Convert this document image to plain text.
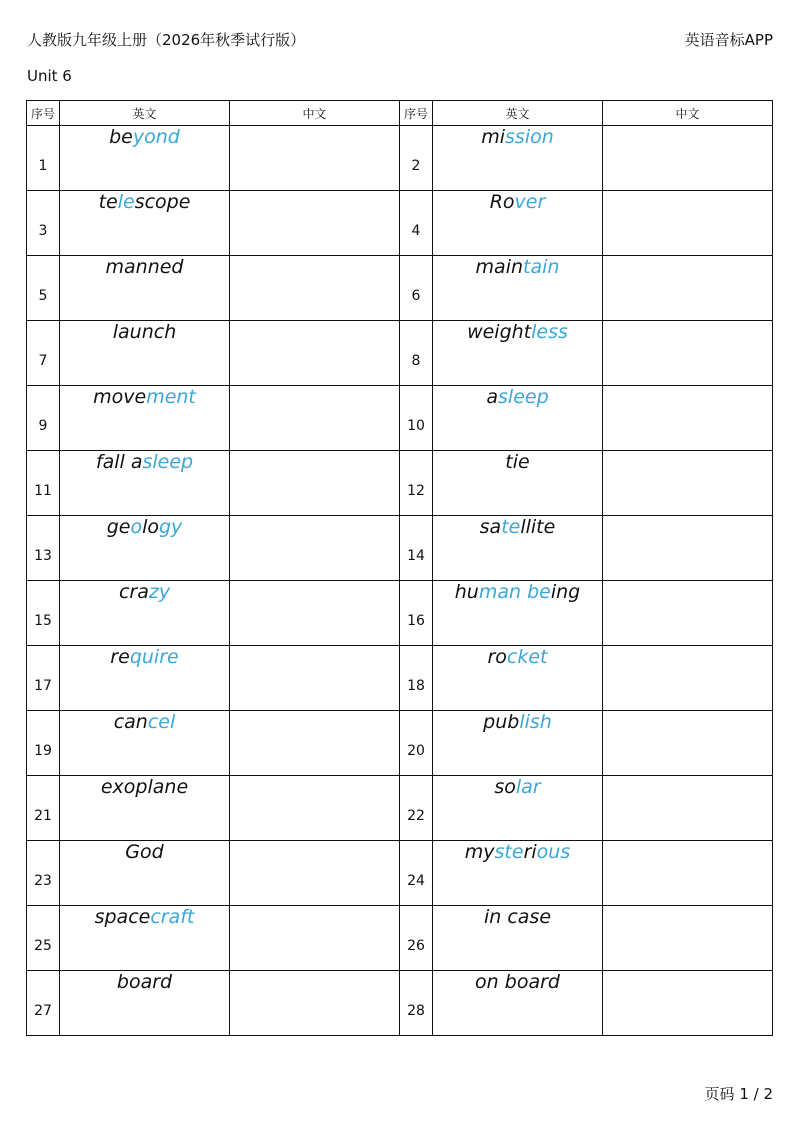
人教版九年级上册（2026年秋季试行版）	英语音标APP
Unit 6
序号	英文	中文	序号	英文	中文
1	beyond		2	mission	
3	telescope		4	Rover	
5	manned		6	maintain	
7	launch		8	weightless	
9	movement		10	asleep	
11	fall asleep		12	tie	
13	geology		14	satellite	
15	crazy		16	human being	
17	require		18	rocket	
19	cancel		20	publish	
21	exoplane		22	solar	
23	God		24	mysterious	
25	spacecraft		26	in case	
27	board		28	on board	
页码 1 / 2
